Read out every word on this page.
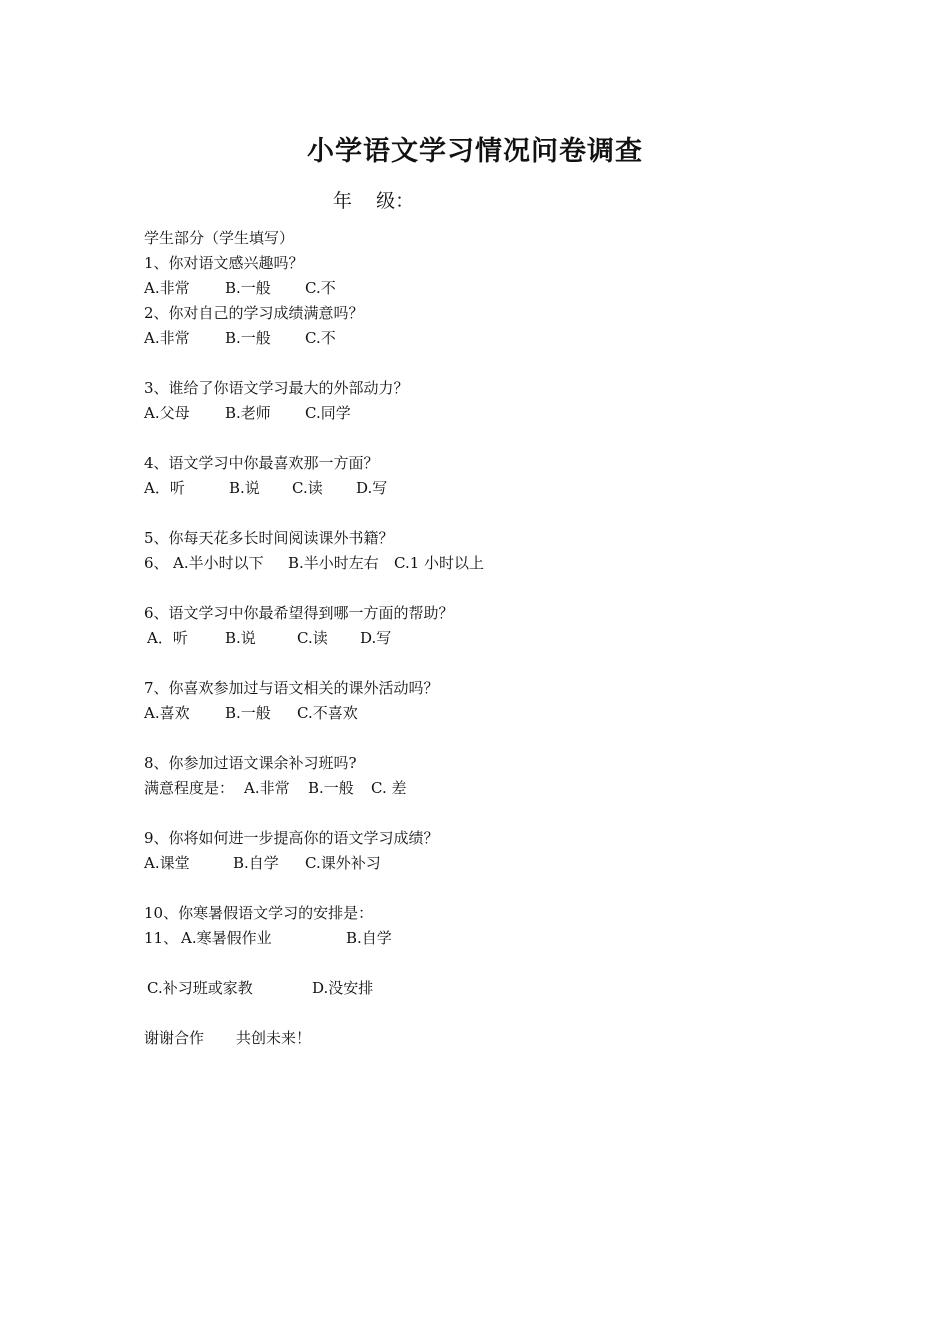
小学语文学习情况问卷调查
年    级：
学生部分（学生填写）
1、你对语文感兴趣吗？
A.非常	B.一般	C.不
2、你对自己的学习成绩满意吗？
A.非常	B.一般	C.不
3、谁给了你语文学习最大的外部动力？
A.父母	B.老师	C.同学
4、语文学习中你最喜欢那一方面？
A．听	B.说	C.读	D.写
5、你每天花多长时间阅读课外书籍？
6、 A.半小时以下	B.半小时左右	C.1 小时以上
6、语文学习中你最希望得到哪一方面的帮助？
A．听	B.说	C.读	D.写
7、你喜欢参加过与语文相关的课外活动吗？
A.喜欢	B.一般	C.不喜欢
8、你参加过语文课余补习班吗?
满意程度是： A.非常	B.一般	C. 差
9、你将如何进一步提高你的语文学习成绩？
A.课堂	B.自学	C.课外补习
10、你寒暑假语文学习的安排是：
11、 A.寒暑假作业	B.自学
C.补习班或家教	D.没安排
谢谢合作	共创未来！
